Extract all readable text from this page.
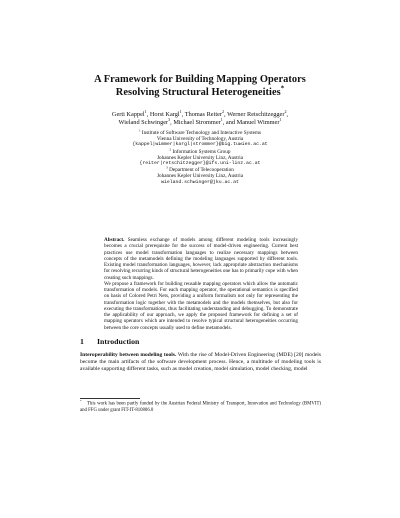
A Framework for Building Mapping Operators
Resolving Structural Heterogeneities*
Gerti Kappel$^1$, Horst Kargl$^1$, Thomas Reiter$^2$, Werner Retschitzegger$^2$,
Wieland Schwinger$^3$, Michael Strommer$^1$, and Manuel Wimmer$^1$
$^1$ Institute of Software Technology and Interactive Systems
Vienna University of Technology, Austria
{kappel|wimmer|kargl|strommer}@big.tuwien.ac.at
$^2$ Information Systems Group
Johannes Kepler University Linz, Austria
{reiter|retschitzegger}@ifs.uni-linz.ac.at
$^3$ Department of Telecooperation
Johannes Kepler University Linz, Austria
wieland.schwinger@jku.ac.at

Abstract. Seamless exchange of models among different modeling tools increasingly becomes a crucial prerequisite for the success of model-driven engineering. Current best practices use model transformation languages to realize necessary mappings between concepts of the metamodels defining the modeling languages supported by different tools. Existing model transformation languages, however, lack appropriate abstraction mechanisms for resolving recurring kinds of structural heterogeneities one has to primarily cope with when creating such mappings.

We propose a framework for building reusable mapping operators which allow the automatic transformation of models. For each mapping operator, the operational semantics is specified on basis of Colored Petri Nets, providing a uniform formalism not only for representing the transformation logic together with the metamodels and the models themselves, but also for executing the transformations, thus facilitating understanding and debugging. To demonstrate the applicability of our approach, we apply the proposed framework for defining a set of mapping operators which are intended to resolve typical structural heterogeneities occurring between the core concepts usually used to define metamodels.

1 Introduction

Interoperability between modeling tools. With the rise of Model-Driven Engineering (MDE) [20] models become the main artifacts of the software development process. Hence, a multitude of modeling tools is available supporting different tasks, such as model creation, model simulation, model checking, model

*This work has been partly funded by the Austrian Federal Ministry of Transport, Innovation and Technology (BMVIT) and FFG under grant FIT-IT-810806.0
